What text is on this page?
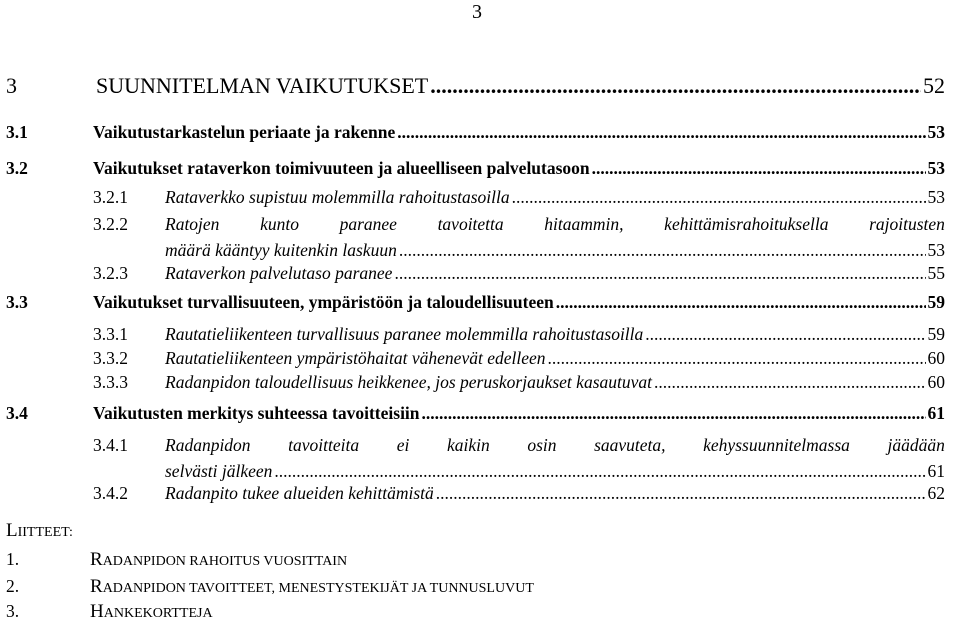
3
3	SUUNNITELMAN VAIKUTUKSET .....	52
3.1	Vaikutustarkastelun periaate ja rakenne .....	53
3.2	Vaikutukset rataverkon toimivuuteen ja alueelliseen palvelutasoon .....	53
3.2.1	Rataverkko supistuu molemmilla rahoitustasoilla .....	53
3.2.2	Ratojen kunto paranee tavoitetta hitaammin, kehittämisrahoituksella rajoitusten
määrä kääntyy kuitenkin laskuun .....	53
3.2.3	Rataverkon palvelutaso paranee .....	55
3.3	Vaikutukset turvallisuuteen, ympäristöön ja taloudellisuuteen .....	59
3.3.1	Rautatieliikenteen turvallisuus paranee molemmilla rahoitustasoilla .....	59
3.3.2	Rautatieliikenteen ympäristöhaitat vähenevät edelleen .....	60
3.3.3	Radanpidon taloudellisuus heikkenee, jos peruskorjaukset kasautuvat .....	60
3.4	Vaikutusten merkitys suhteessa tavoitteisiin .....	61
3.4.1	Radanpidon tavoitteita ei kaikin osin saavuteta, kehyssuunnitelmassa jäädään
selvästi jälkeen .....	61
3.4.2	Radanpito tukee alueiden kehittämistä .....	62
LIITTEET:
1.	RADANPIDON RAHOITUS VUOSITTAIN
2.	RADANPIDON TAVOITTEET, MENESTYSTEKIJÄT JA TUNNUSLUVUT
3.	HANKEKORTTEJA
